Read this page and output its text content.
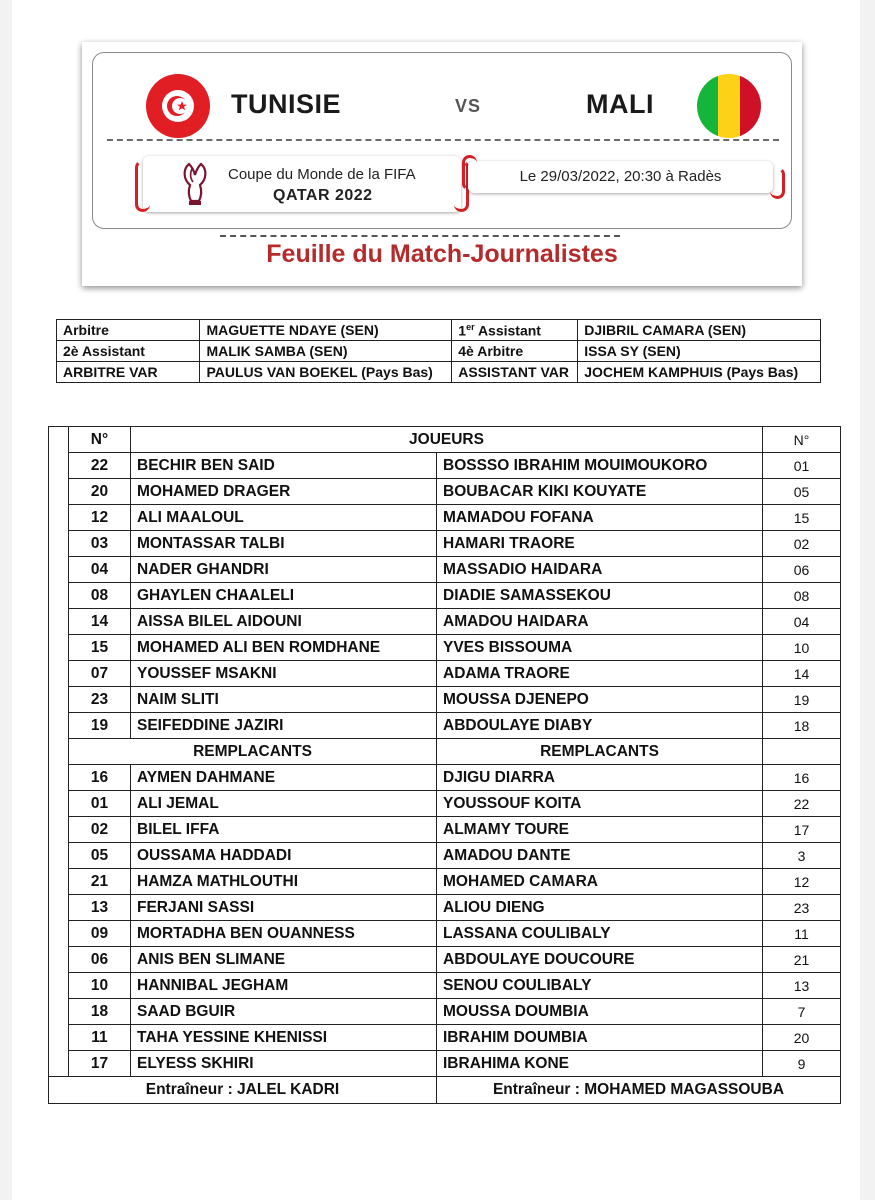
TUNISIE	VS	MALI
Coupe du Monde de la FIFA
QATAR 2022
Le 29/03/2022, 20:30 à Radès
Feuille du Match-Journalistes
Arbitre	MAGUETTE NDAYE (SEN)	1er Assistant	DJIBRIL CAMARA (SEN)
2è Assistant	MALIK SAMBA (SEN)	4è Arbitre	ISSA SY (SEN)
ARBITRE VAR	PAULUS VAN BOEKEL (Pays Bas)	ASSISTANT VAR	JOCHEM KAMPHUIS (Pays Bas)
	N°	JOUEURS		N°
	22	BECHIR BEN SAID	BOSSSO IBRAHIM MOUIMOUKORO	01
	20	MOHAMED DRAGER	BOUBACAR KIKI KOUYATE	05
	12	ALI MAALOUL	MAMADOU FOFANA	15
	03	MONTASSAR TALBI	HAMARI TRAORE	02
	04	NADER GHANDRI	MASSADIO HAIDARA	06
	08	GHAYLEN CHAALELI	DIADIE SAMASSEKOU	08
	14	AISSA BILEL AIDOUNI	AMADOU HAIDARA	04
	15	MOHAMED ALI BEN ROMDHANE	YVES BISSOUMA	10
	07	YOUSSEF MSAKNI	ADAMA TRAORE	14
	23	NAIM SLITI	MOUSSA DJENEPO	19
	19	SEIFEDDINE JAZIRI	ABDOULAYE DIABY	18
	REMPLACANTS		REMPLACANTS	
	16	AYMEN DAHMANE	DJIGU DIARRA	16
	01	ALI JEMAL	YOUSSOUF KOITA	22
	02	BILEL IFFA	ALMAMY TOURE	17
	05	OUSSAMA HADDADI	AMADOU DANTE	3
	21	HAMZA MATHLOUTHI	MOHAMED CAMARA	12
	13	FERJANI SASSI	ALIOU DIENG	23
	09	MORTADHA BEN OUANNESS	LASSANA COULIBALY	11
	06	ANIS BEN SLIMANE	ABDOULAYE DOUCOURE	21
	10	HANNIBAL JEGHAM	SENOU COULIBALY	13
	18	SAAD BGUIR	MOUSSA DOUMBIA	7
	11	TAHA YESSINE KHENISSI	IBRAHIM DOUMBIA	20
	17	ELYESS SKHIRI	IBRAHIMA KONE	9
Entraîneur : JALEL KADRI			Entraîneur : MOHAMED MAGASSOUBA	
